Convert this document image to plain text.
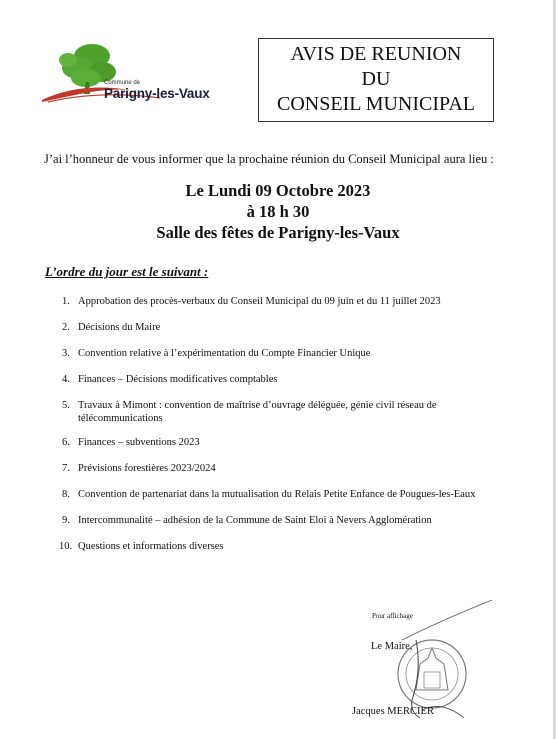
Commune de
Parigny-les-Vaux
AVIS DE REUNION
DU
CONSEIL MUNICIPAL
J’ai l’honneur de vous informer que la prochaine réunion du Conseil Municipal aura lieu :
Le Lundi 09 Octobre 2023
à 18 h 30
Salle des fêtes de Parigny-les-Vaux
L’ordre du jour est le suivant :
1. Approbation des procès-verbaux du Conseil Municipal du 09 juin et du 11 juillet 2023
2. Décisions du Maire
3. Convention relative à l’expérimentation du Compte Financier Unique
4. Finances – Décisions modificatives comptables
5. Travaux à Mimont : convention de maîtrise d’ouvrage déléguée, génie civil réseau de
télécommunications
6. Finances – subventions 2023
7. Prévisions forestières 2023/2024
8. Convention de partenariat dans la mutualisation du Relais Petite Enfance de Pougues-les-Eaux
9. Intercommunalité – adhésion de la Commune de Saint Eloi à Nevers Agglomération
10. Questions et informations diverses
Pour affichage
Le Maire,
Jacques MERCIER
